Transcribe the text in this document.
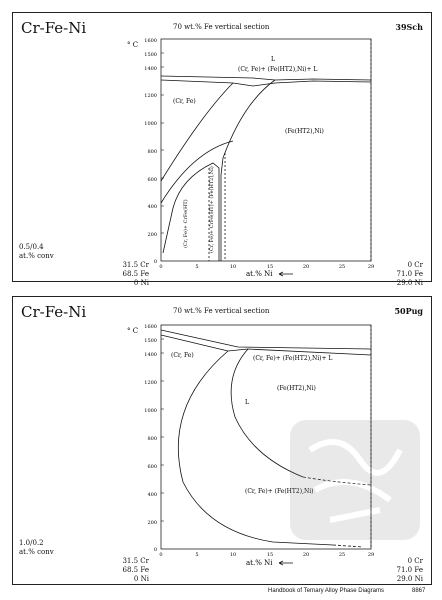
Cr-Fe-Ni	70 wt.% Fe vertical section	39Sch
0.5/0.4
at.% conv
31.5 Cr
68.5 Fe
0 Ni
0 Cr
71.0 Fe
29.0 Ni
° C 1600
1500
1400
1200
1000
800
600
400
200
0
0	5	10	15	20	25	29
at.% Ni
L
(Cr, Fe)+ (Fe(HT2),Ni)+ L
(Cr, Fe)
(Fe(HT2),Ni)
(Cr, Fe)+ CrFe(HT)	(Cr, Fe)+ CrFe(HT)+ (Fe(HT2),Ni)
Cr-Fe-Ni	70 wt.% Fe vertical section	50Pug
1.0/0.2
at.% conv
31.5 Cr
68.5 Fe
0 Ni
0 Cr
71.0 Fe
29.0 Ni
° C 1600
1500
1400
1200
1000
800
600
400
200
0
0	5	10	15	20	25	29
at.% Ni
(Cr, Fe)	(Cr, Fe)+ (Fe(HT2),Ni)+ L
L
(Fe(HT2),Ni)
(Cr, Fe)+ (Fe(HT2),Ni)
Handbook of Ternary Alloy Phase Diagrams	8867
